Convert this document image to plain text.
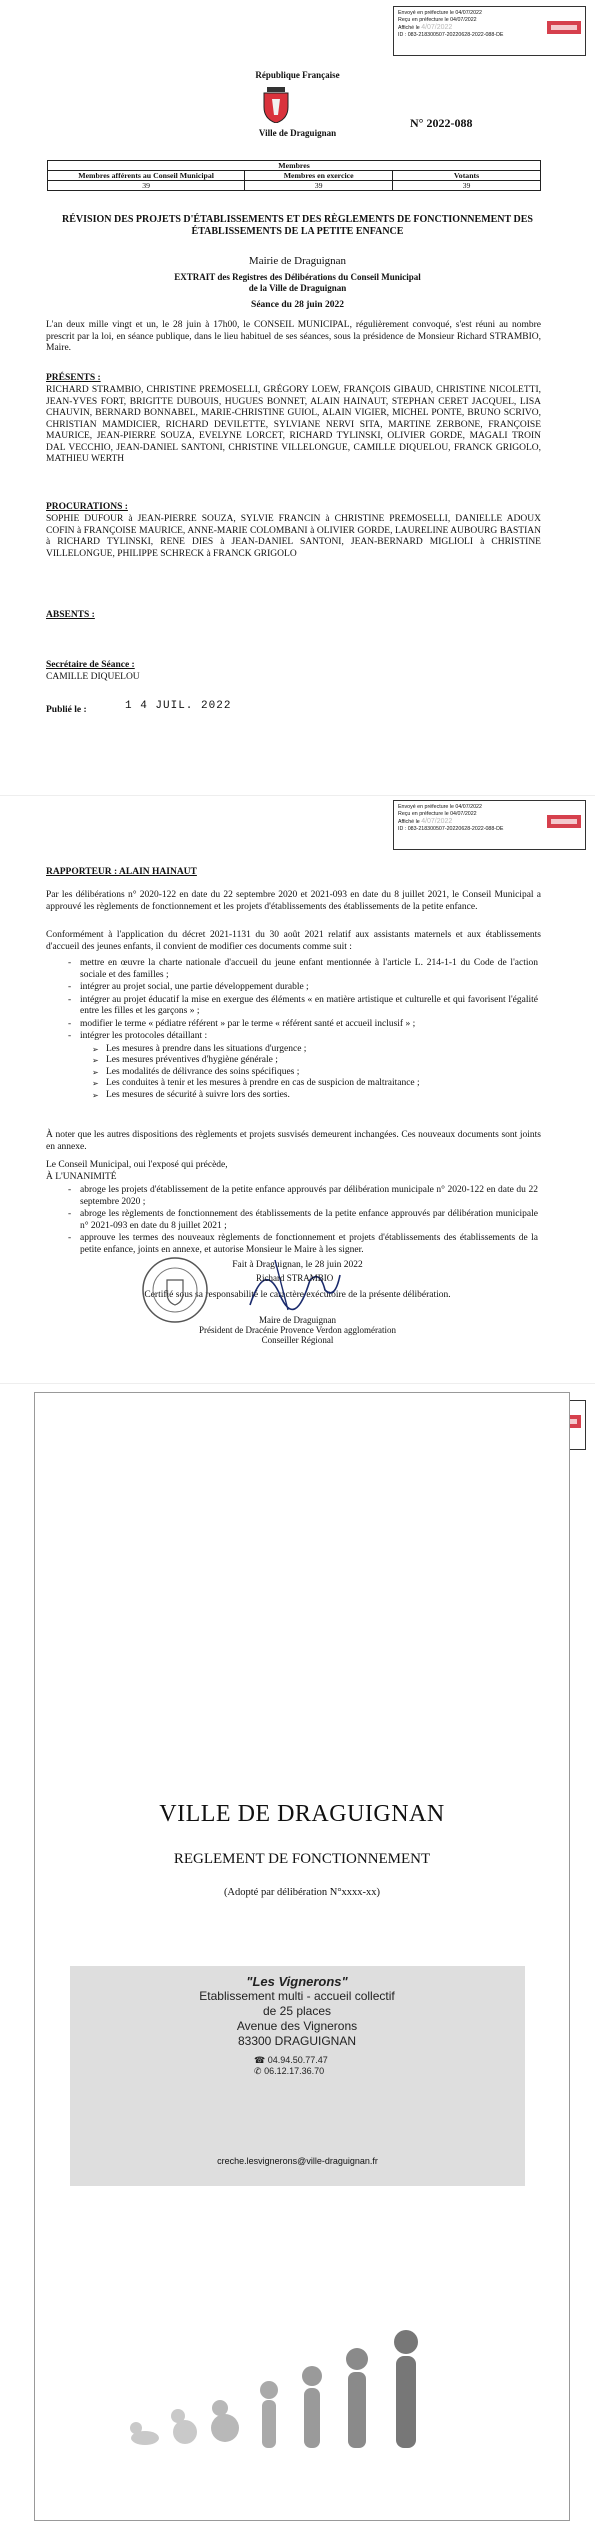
Envoyé en préfecture le 04/07/2022
Reçu en préfecture le 04/07/2022
Affiché le 4/07/2022
ID : 083-218300507-20220628-2022-088-DE
République Française
Ville de Draguignan
N° 2022-088
Membres		
Membres afférents au Conseil Municipal	Membres en exercice	Votants
39	39	39
RÉVISION DES PROJETS D'ÉTABLISSEMENTS ET DES RÈGLEMENTS DE FONCTIONNEMENT DES ÉTABLISSEMENTS DE LA PETITE ENFANCE
Mairie de Draguignan
EXTRAIT des Registres des Délibérations du Conseil Municipal
de la Ville de Draguignan
Séance du 28 juin 2022
L'an deux mille vingt et un, le 28 juin à 17h00, le CONSEIL MUNICIPAL, régulièrement convoqué, s'est réuni au nombre prescrit par la loi, en séance publique, dans le lieu habituel de ses séances, sous la présidence de Monsieur Richard STRAMBIO, Maire.
PRÉSENTS :
RICHARD STRAMBIO, CHRISTINE PREMOSELLI, GRÉGORY LOEW, FRANÇOIS GIBAUD, CHRISTINE NICOLETTI, JEAN-YVES FORT, BRIGITTE DUBOUIS, HUGUES BONNET, ALAIN HAINAUT, STEPHAN CERET JACQUEL, LISA CHAUVIN, BERNARD BONNABEL, MARIE-CHRISTINE GUIOL, ALAIN VIGIER, MICHEL PONTE, BRUNO SCRIVO, CHRISTIAN MAMDICIER, RICHARD DEVILETTE, SYLVIANE NERVI SITA, MARTINE ZERBONE, FRANÇOISE MAURICE, JEAN-PIERRE SOUZA, EVELYNE LORCET, RICHARD TYLINSKI, OLIVIER GORDE, MAGALI TROIN DAL VECCHIO, JEAN-DANIEL SANTONI, CHRISTINE VILLELONGUE, CAMILLE DIQUELOU, FRANCK GRIGOLO, MATHIEU WERTH
PROCURATIONS :
SOPHIE DUFOUR à JEAN-PIERRE SOUZA, SYLVIE FRANCIN à CHRISTINE PREMOSELLI, DANIELLE ADOUX COFIN à FRANÇOISE MAURICE, ANNE-MARIE COLOMBANI à OLIVIER GORDE, LAURELINE AUBOURG BASTIAN à RICHARD TYLINSKI, RENE DIES à JEAN-DANIEL SANTONI, JEAN-BERNARD MIGLIOLI à CHRISTINE VILLELONGUE, PHILIPPE SCHRECK à FRANCK GRIGOLO
ABSENTS :
Secrétaire de Séance :
CAMILLE DIQUELOU
Publié le :	1 4 JUIL. 2022
Envoyé en préfecture le 04/07/2022
Reçu en préfecture le 04/07/2022
Affiché le 4/07/2022
ID : 083-218300507-20220628-2022-088-DE
RAPPORTEUR : ALAIN HAINAUT
Par les délibérations n° 2020-122 en date du 22 septembre 2020 et 2021-093 en date du 8 juillet 2021, le Conseil Municipal a approuvé les règlements de fonctionnement et les projets d'établissements des établissements de la petite enfance.
Conformément à l'application du décret 2021-1131 du 30 août 2021 relatif aux assistants maternels et aux établissements d'accueil des jeunes enfants, il convient de modifier ces documents comme suit :
- mettre en œuvre la charte nationale d'accueil du jeune enfant mentionnée à l'article L. 214-1-1 du Code de l'action sociale et des familles ;
- intégrer au projet social, une partie développement durable ;
- intégrer au projet éducatif la mise en exergue des éléments « en matière artistique et culturelle et qui favorisent l'égalité entre les filles et les garçons » ;
- modifier le terme « pédiatre référent » par le terme « référent santé et accueil inclusif » ;
- intégrer les protocoles détaillant :
➢ Les mesures à prendre dans les situations d'urgence ;
➢ Les mesures préventives d'hygiène générale ;
➢ Les modalités de délivrance des soins spécifiques ;
➢ Les conduites à tenir et les mesures à prendre en cas de suspicion de maltraitance ;
➢ Les mesures de sécurité à suivre lors des sorties.
À noter que les autres dispositions des règlements et projets susvisés demeurent inchangées. Ces nouveaux documents sont joints en annexe.
Le Conseil Municipal, oui l'exposé qui précède,
À L'UNANIMITÉ
- abroge les projets d'établissement de la petite enfance approuvés par délibération municipale n° 2020-122 en date du 22 septembre 2020 ;
- abroge les règlements de fonctionnement des établissements de la petite enfance approuvés par délibération municipale n° 2021-093 en date du 8 juillet 2021 ;
- approuve les termes des nouveaux règlements de fonctionnement et projets d'établissements des établissements de la petite enfance, joints en annexe, et autorise Monsieur le Maire à les signer.
Fait à Draguignan, le 28 juin 2022
Certifié sous sa responsabilité le caractère exécutoire de la présente délibération.
Richard STRAMBIO
Maire de Draguignan
Président de Dracénie Provence Verdon agglomération
Conseiller Régional
VILLE DE DRAGUIGNAN
REGLEMENT DE FONCTIONNEMENT
(Adopté par délibération N°xxxx-xx)
"Les Vignerons"
Etablissement multi - accueil collectif
de 25 places
Avenue des Vignerons
83300 DRAGUIGNAN
☎ 04.94.50.77.47
✆ 06.12.17.36.70
creche.lesvignerons@ville-draguignan.fr
